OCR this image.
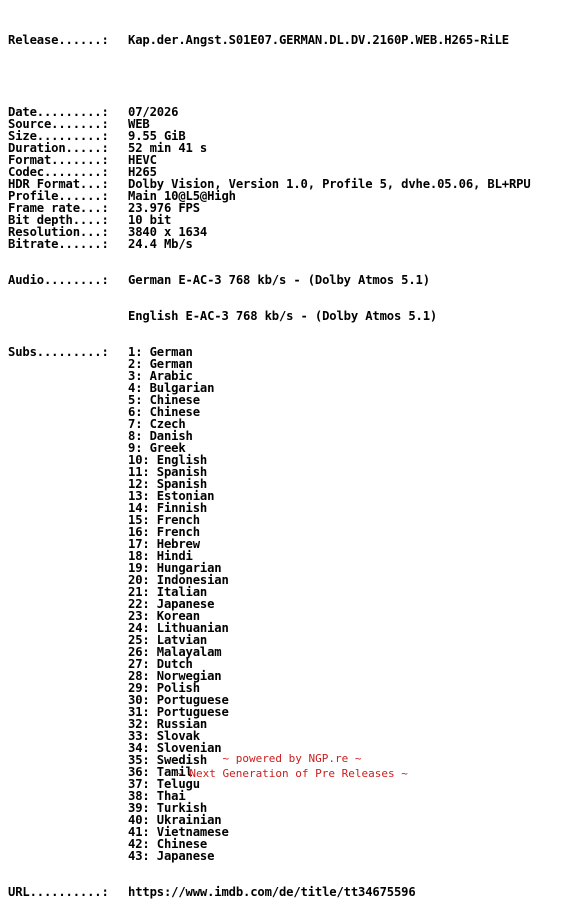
Release......:	Kap.der.Angst.S01E07.GERMAN.DL.DV.2160P.WEB.H265-RiLE

Date.........:	07/2026
Source.......:	WEB
Size.........:	9.55 GiB
Duration.....:	52 min 41 s
Format.......:	HEVC
Codec........:	H265
HDR Format...:	Dolby Vision, Version 1.0, Profile 5, dvhe.05.06, BL+RPU
Profile......:	Main 10@L5@High
Frame rate...:	23.976 FPS
Bit depth....:	10 bit
Resolution...:	3840 x 1634
Bitrate......:	24.4 Mb/s

Audio........:	German E-AC-3 768 kb/s - (Dolby Atmos 5.1)

English E-AC-3 768 kb/s - (Dolby Atmos 5.1)

Subs.........:	1: German
2: German
3: Arabic
4: Bulgarian
5: Chinese
6: Chinese
7: Czech
8: Danish
9: Greek
10: English
11: Spanish
12: Spanish
13: Estonian
14: Finnish
15: French
16: French
17: Hebrew
18: Hindi
19: Hungarian
20: Indonesian
21: Italian
22: Japanese
23: Korean
24: Lithuanian
25: Latvian
26: Malayalam
27: Dutch
28: Norwegian
29: Polish
30: Portuguese
31: Portuguese
32: Russian
33: Slovak
34: Slovenian
35: Swedish
36: Tamil
37: Telugu
38: Thai
39: Turkish
40: Ukrainian
41: Vietnamese
42: Chinese
43: Japanese

URL..........:	https://www.imdb.com/de/title/tt34675596

~ powered by NGP.re ~
~ Next Generation of Pre Releases ~
